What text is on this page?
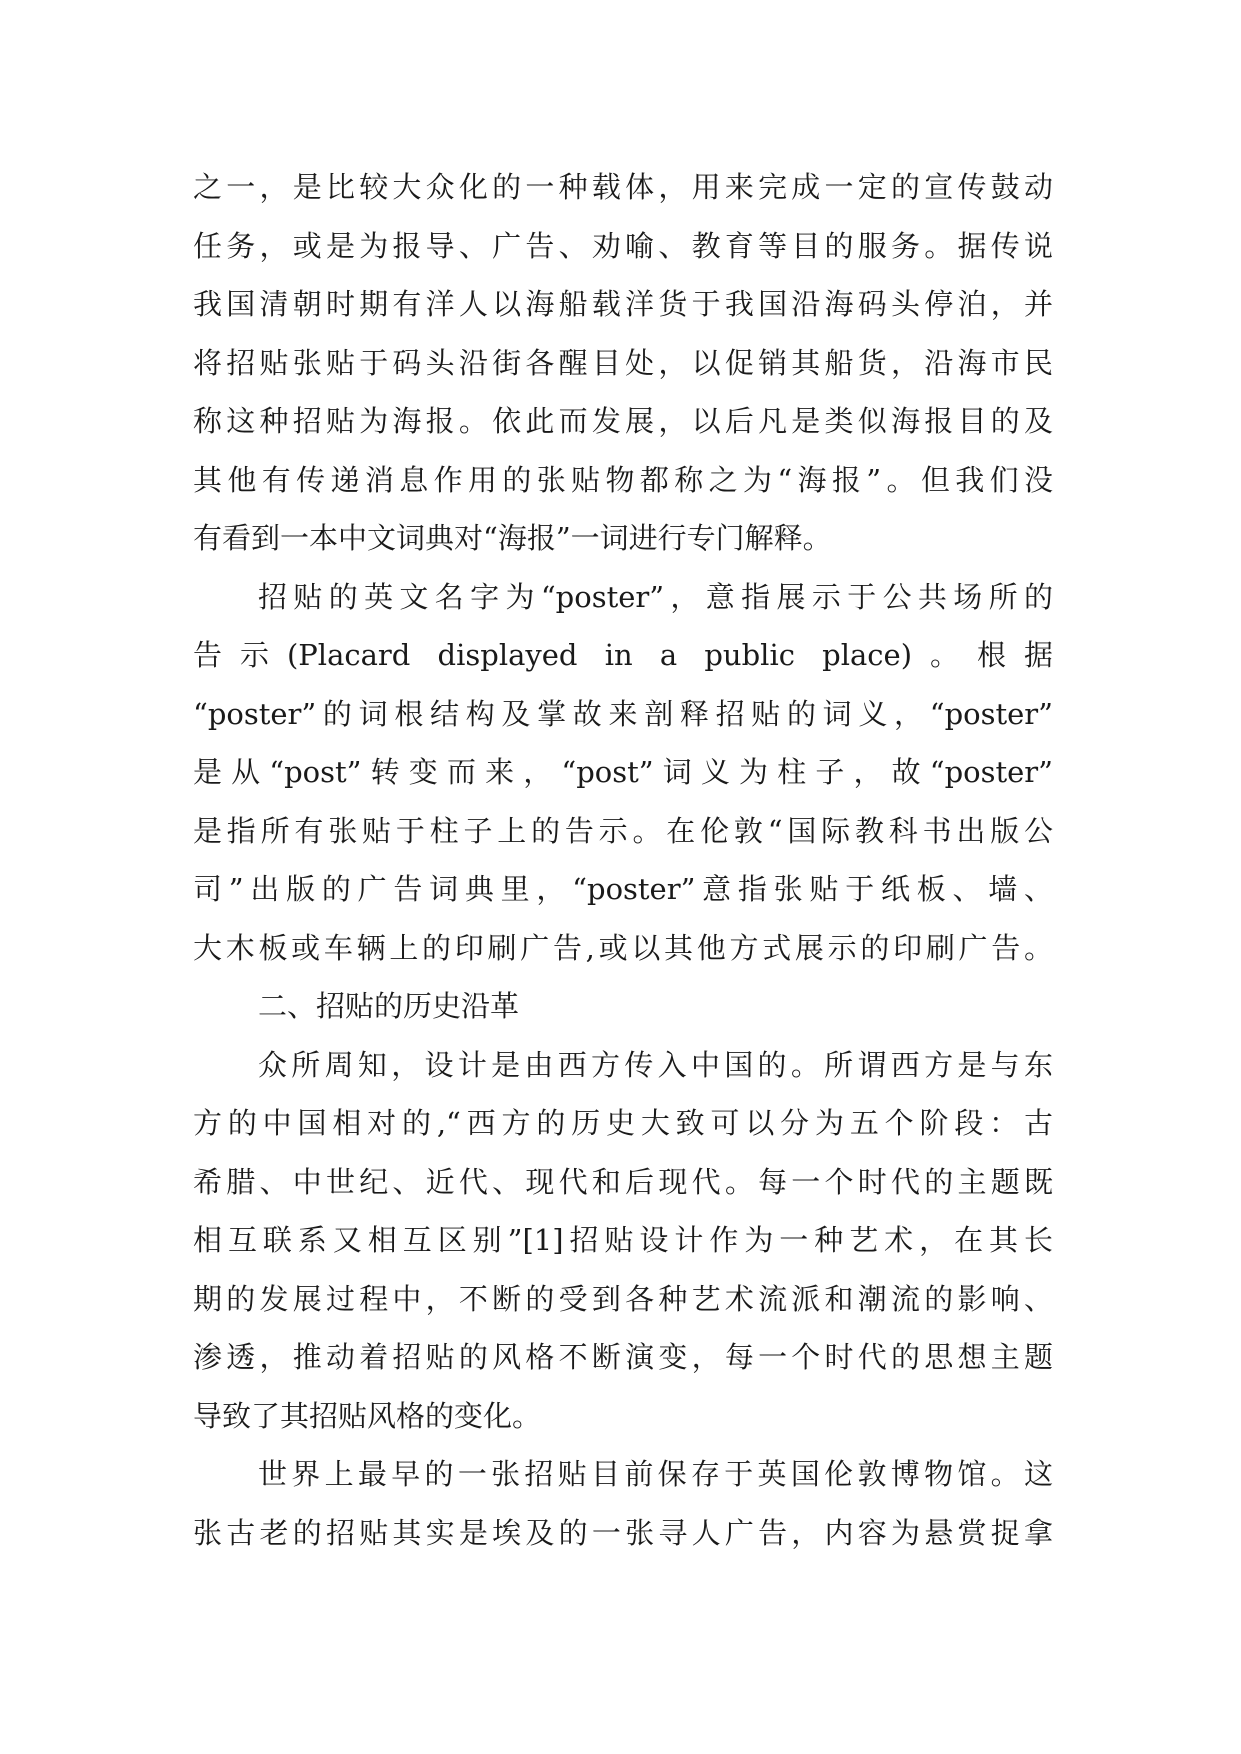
之一，是比较大众化的一种载体，用来完成一定的宣传鼓动
任务，或是为报导、广告、劝喻、教育等目的服务。据传说
我国清朝时期有洋人以海船载洋货于我国沿海码头停泊，并
将招贴张贴于码头沿街各醒目处，以促销其船货，沿海市民
称这种招贴为海报。依此而发展，以后凡是类似海报目的及
其他有传递消息作用的张贴物都称之为“海报”。但我们没
有看到一本中文词典对“海报”一词进行专门解释。
招贴的英文名字为“poster”，意指展示于公共场所的
告示(Placard displayed in a public place)。根据
“poster”的词根结构及掌故来剖释招贴的词义，“poster”
是从“post”转变而来，“post”词义为柱子，故“poster”
是指所有张贴于柱子上的告示。在伦敦“国际教科书出版公
司”出版的广告词典里，“poster”意指张贴于纸板、墙、
大木板或车辆上的印刷广告,或以其他方式展示的印刷广告。
二、招贴的历史沿革
众所周知，设计是由西方传入中国的。所谓西方是与东
方的中国相对的,“西方的历史大致可以分为五个阶段：古
希腊、中世纪、近代、现代和后现代。每一个时代的主题既
相互联系又相互区别”[1]招贴设计作为一种艺术，在其长
期的发展过程中，不断的受到各种艺术流派和潮流的影响、
渗透，推动着招贴的风格不断演变，每一个时代的思想主题
导致了其招贴风格的变化。
世界上最早的一张招贴目前保存于英国伦敦博物馆。这
张古老的招贴其实是埃及的一张寻人广告，内容为悬赏捉拿
